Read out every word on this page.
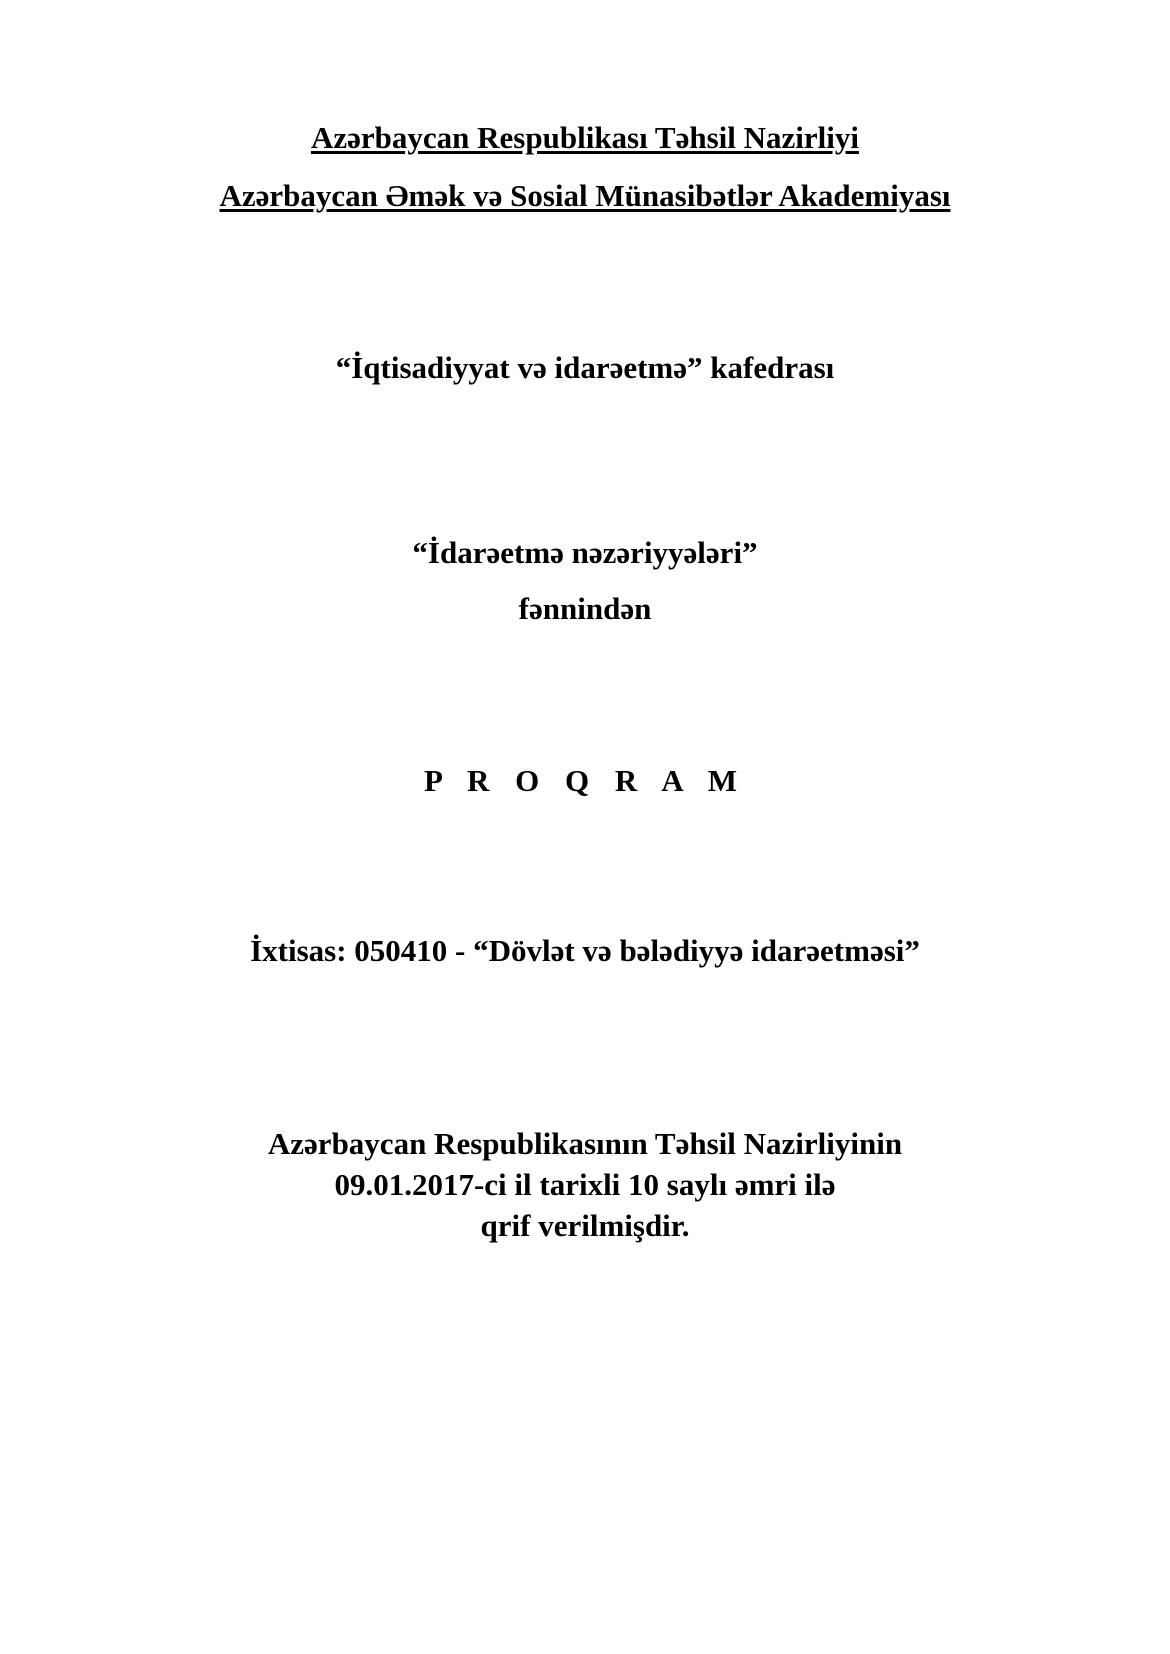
Azərbaycan Respublikası Təhsil Nazirliyi
Azərbaycan Əmək və Sosial Münasibətlər Akademiyası
“İqtisadiyyat və idarəetmə” kafedrası
“İdarəetmə nəzəriyyələri”
fənnindən
P R O Q R A M
İxtisas: 050410 - “Dövlət və bələdiyyə idarəetməsi”
Azərbaycan Respublikasının Təhsil Nazirliyinin
09.01.2017-ci il tarixli 10 saylı əmri ilə
qrif verilmişdir.
